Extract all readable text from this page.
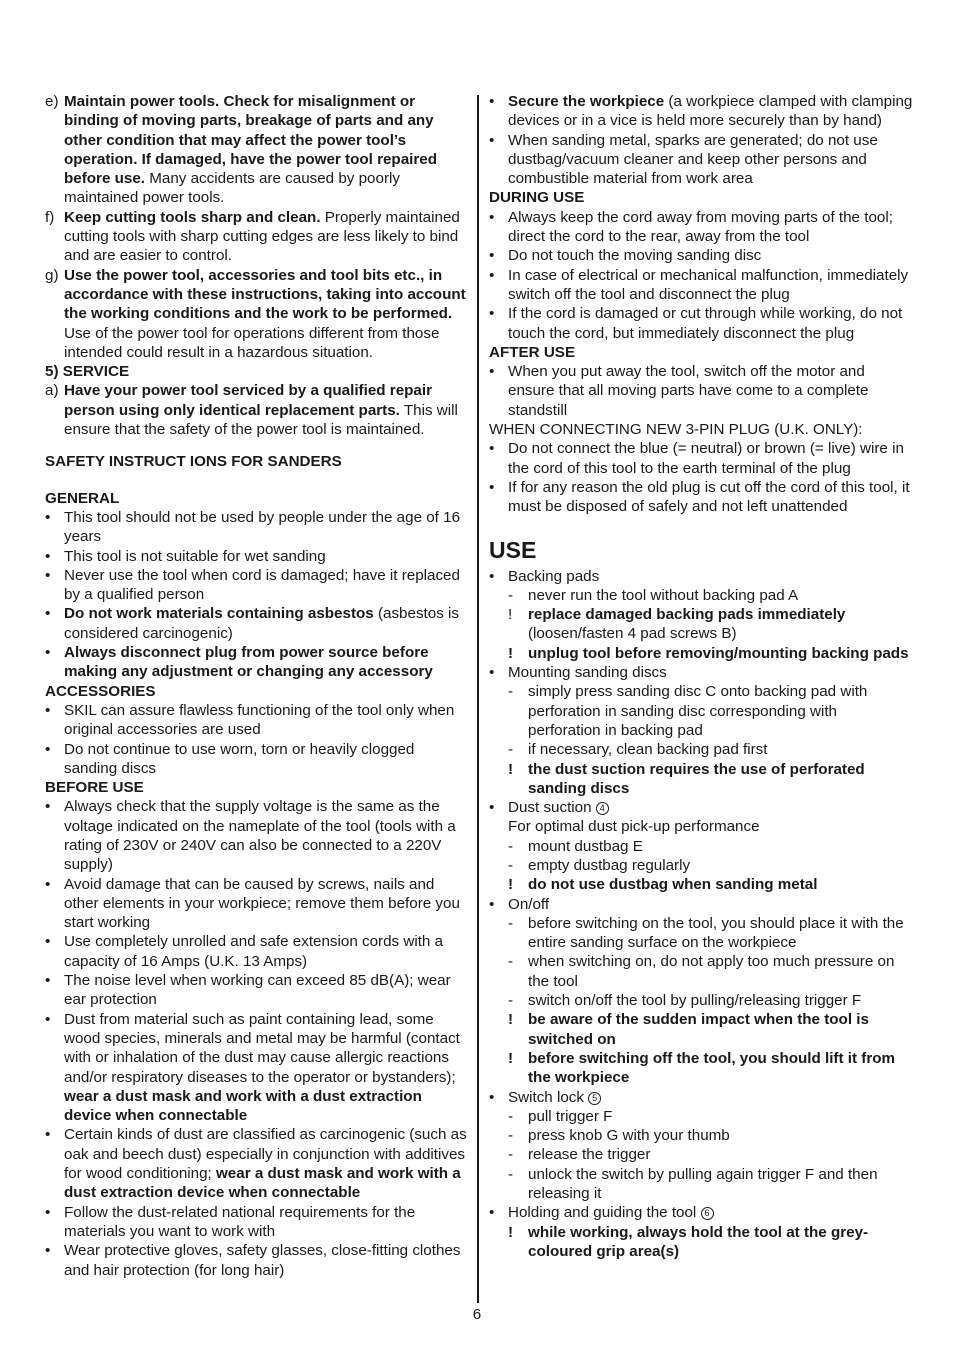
e) Maintain power tools. Check for misalignment or binding of moving parts, breakage of parts and any other condition that may affect the power tool’s operation. If damaged, have the power tool repaired before use. Many accidents are caused by poorly maintained power tools.
f) Keep cutting tools sharp and clean. Properly maintained cutting tools with sharp cutting edges are less likely to bind and are easier to control.
g) Use the power tool, accessories and tool bits etc., in accordance with these instructions, taking into account the working conditions and the work to be performed. Use of the power tool for operations different from those intended could result in a hazardous situation.
5) SERVICE
a) Have your power tool serviced by a qualified repair person using only identical replacement parts. This will ensure that the safety of the power tool is maintained.
SAFETY INSTRUCT IONS FOR SANDERS
GENERAL
• This tool should not be used by people under the age of 16 years
• This tool is not suitable for wet sanding
• Never use the tool when cord is damaged; have it replaced by a qualified person
• Do not work materials containing asbestos (asbestos is considered carcinogenic)
• Always disconnect plug from power source before making any adjustment or changing any accessory
ACCESSORIES
• SKIL can assure flawless functioning of the tool only when original accessories are used
• Do not continue to use worn, torn or heavily clogged sanding discs
BEFORE USE
• Always check that the supply voltage is the same as the voltage indicated on the nameplate of the tool (tools with a rating of 230V or 240V can also be connected to a 220V supply)
• Avoid damage that can be caused by screws, nails and other elements in your workpiece; remove them before you start working
• Use completely unrolled and safe extension cords with a capacity of 16 Amps (U.K. 13 Amps)
• The noise level when working can exceed 85 dB(A); wear ear protection
• Dust from material such as paint containing lead, some wood species, minerals and metal may be harmful (contact with or inhalation of the dust may cause allergic reactions and/or respiratory diseases to the operator or bystanders); wear a dust mask and work with a dust extraction device when connectable
• Certain kinds of dust are classified as carcinogenic (such as oak and beech dust) especially in conjunction with additives for wood conditioning; wear a dust mask and work with a dust extraction device when connectable
• Follow the dust-related national requirements for the materials you want to work with
• Wear protective gloves, safety glasses, close-fitting clothes and hair protection (for long hair)
• Secure the workpiece (a workpiece clamped with clamping devices or in a vice is held more securely than by hand)
• When sanding metal, sparks are generated; do not use dustbag/vacuum cleaner and keep other persons and combustible material from work area
DURING USE
• Always keep the cord away from moving parts of the tool; direct the cord to the rear, away from the tool
• Do not touch the moving sanding disc
• In case of electrical or mechanical malfunction, immediately switch off the tool and disconnect the plug
• If the cord is damaged or cut through while working, do not touch the cord, but immediately disconnect the plug
AFTER USE
• When you put away the tool, switch off the motor and ensure that all moving parts have come to a complete standstill
WHEN CONNECTING NEW 3-PIN PLUG (U.K. ONLY):
• Do not connect the blue (= neutral) or brown (= live) wire in the cord of this tool to the earth terminal of the plug
• If for any reason the old plug is cut off the cord of this tool, it must be disposed of safely and not left unattended
USE
• Backing pads
- never run the tool without backing pad A
! replace damaged backing pads immediately (loosen/fasten 4 pad screws B)
! unplug tool before removing/mounting backing pads
• Mounting sanding discs
- simply press sanding disc C onto backing pad with perforation in sanding disc corresponding with perforation in backing pad
- if necessary, clean backing pad first
! the dust suction requires the use of perforated sanding discs
• Dust suction 4
For optimal dust pick-up performance
- mount dustbag E
- empty dustbag regularly
! do not use dustbag when sanding metal
• On/off
- before switching on the tool, you should place it with the entire sanding surface on the workpiece
- when switching on, do not apply too much pressure on the tool
- switch on/off the tool by pulling/releasing trigger F
! be aware of the sudden impact when the tool is switched on
! before switching off the tool, you should lift it from the workpiece
• Switch lock 5
- pull trigger F
- press knob G with your thumb
- release the trigger
- unlock the switch by pulling again trigger F and then releasing it
• Holding and guiding the tool 6
! while working, always hold the tool at the grey-coloured grip area(s)
6
